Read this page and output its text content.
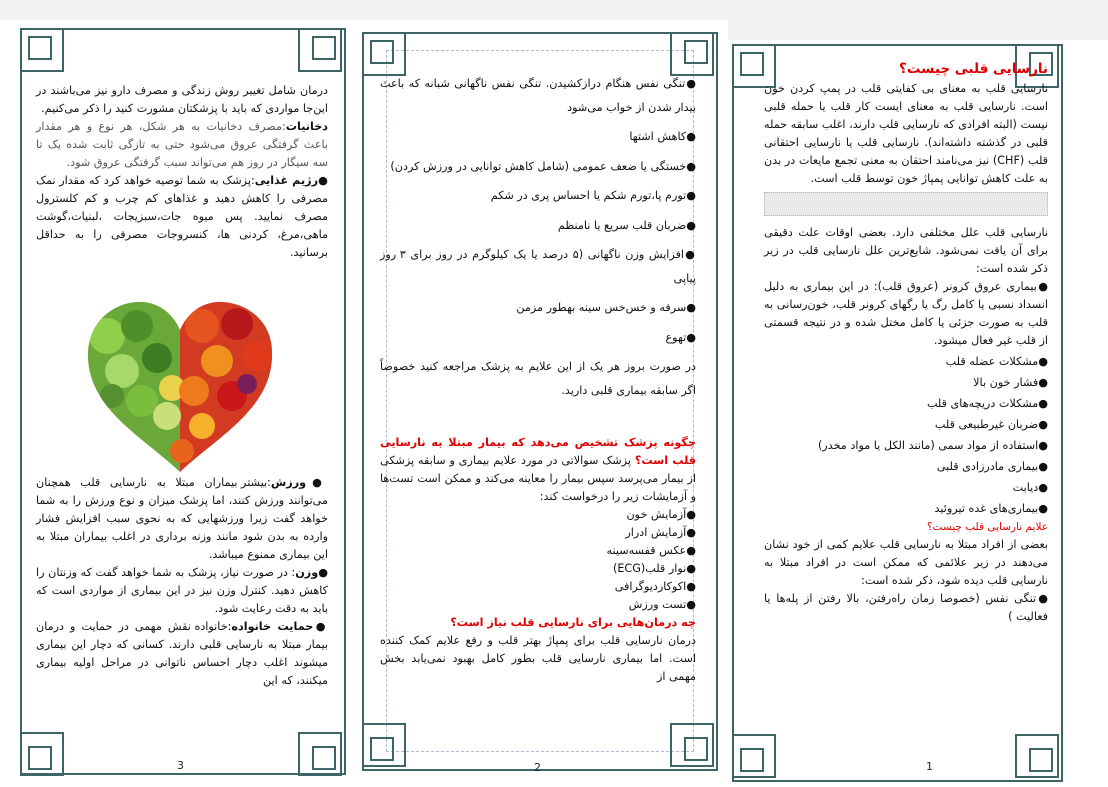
درمان شامل تغییر روش زندگی و مصرف دارو نیز می‌باشند در این‌جا مواردی که باید با پزشکتان مشورت کنید را ذکر می‌کنیم.

دخانیات:مصرف دخانیات به هر شکل، هر نوع و هر مقدار باعث گرفتگی عروق می‌شود حتی به تازگی ثابت شده یک تا سه سیگار در روز هم می‌تواند سبب گرفتگی عروق شود.

●رژیم غذایی:پزشک به شما توصیه خواهد کرد که مقدار نمک مصرفی را کاهش دهید و غذاهای کم چرب و کم کلسترول مصرف نمایید. پس میوه جات،سبزیجات ،لبنیات،گوشت ماهی،مرغ، کردنی ها، کنسروجات مصرفی را به حداقل برسانید.

●ورزش:بیشتر بیماران مبتلا به نارسایی قلب همچنان می‌توانند ورزش کنند، اما پزشک میزان و نوع ورزش را به شما خواهد گفت زیرا ورزشهایی که به نحوی سبب افزایش فشار وارده به بدن شود مانند وزنه برداری در اغلب بیماران مبتلا به این بیماری ممنوع میباشد.

●وزن: در صورت نیاز، پزشک به شما خواهد گفت که وزنتان را کاهش دهید. کنترل وزن نیز در این بیماری از مواردی است که باید به دقت رعایت شود.

●حمایت خانواده:خانواده نقش مهمی در حمایت و درمان بیمار مبتلا به نارسایی قلبی دارند. کسانی که دچار این بیماری میشوند اغلب دچار احساس ناتوانی در مراحل اولیه بیماری میکنند، که این

3

●تنگی نفس هنگام درازکشیدن. تنگی نفس ناگهانی شبانه که باعث بیدار شدن از خواب می‌شود

●کاهش اشتها

●خستگی یا ضعف عمومی (شامل کاهش توانایی در ورزش کردن)

●تورم پا،تورم شکم یا احساس پری در شکم

●ضربان قلب سریع یا نامنظم

●افزایش وزن ناگهانی (۵ درصد یا یک کیلوگرم در روز برای ۳ روز پیاپی

●سرفه و خس‌خس سینه بهطور مزمن

●تهوع

در صورت بروز هر یک از این علایم به پزشک مراجعه کنید خصوصاً اگر سابقه بیماری قلبی دارید.

چگونه پزشک تشخیص می‌دهد که بیمار مبتلا به نارسایی قلب است؟ پزشک سوالاتی در مورد علایم بیماری و سابقه پزشکی از بیمار می‌پرسد سپس بیمار را معاینه می‌کند و ممکن است تست‌ها و آزمایشات زیر را درخواست کند:

●آزمایش خون

●آزمایش ادرار

●عکس قفسه‌سینه

●نوار قلب(ECG)

●اکوکاردیوگرافی

●تست ورزش

چه درمان‌هایی برای نارسایی قلب نیاز است؟

درمان نارسایی قلب برای پمپاژ بهتر قلب و رفع علایم کمک کننده است. اما بیماری نارسایی قلب بطور کامل بهبود نمی‌یابد بخش مهمی از

2

نارسایی قلبی چیست؟

نارسایی قلب به معنای بی کفایتی قلب در پمپ کردن خون است. نارسایی قلب به معنای ایست کار قلب یا حمله قلبی نیست (البته افرادی که نارسایی قلب دارند، اغلب سابقه حمله قلبی در گذشته داشته‌اند). نارسایی قلب یا نارسایی احتقانی قلب (CHF) نیز می‌نامند احتقان به معنی تجمع مایعات در بدن به علت کاهش توانایی پمپاژ خون توسط قلب است.

نارسایی قلب علل مختلفی دارد. بعضی اوقات علت دقیقی برای آن یافت نمی‌شود. شایع‌ترین علل نارسایی قلب در زیر ذکر شده است:

●بیماری عروق کرونر (عروق قلب): در این بیماری به دلیل انسداد نسبی یا کامل رگ یا رگهای کرونر قلب، خون‌رسانی به قلب به صورت جزئی یا کامل مختل شده و در نتیجه قسمتی از قلب غیر فعال میشود.

●مشکلات عضله قلب

●فشار خون بالا

●مشکلات دریچه‌های قلب

●ضربان غیرطبیعی قلب

●استفاده از مواد سمی (مانند الکل یا مواد مخدر)

●بیماری مادرزادی قلبی

●دیابت

●بیماری‌های غده تیروئید

علایم نارسایی قلب چیست؟

بعضی از افراد مبتلا به نارسایی قلب علایم کمی از خود نشان می‌دهند در زیر علائمی که ممکن است در افراد مبتلا به نارسایی قلب دیده شود، ذکر شده است:

●تنگی نفس (خصوصا زمان راه‌رفتن، بالا رفتن از پله‌ها یا فعالیت )

1
